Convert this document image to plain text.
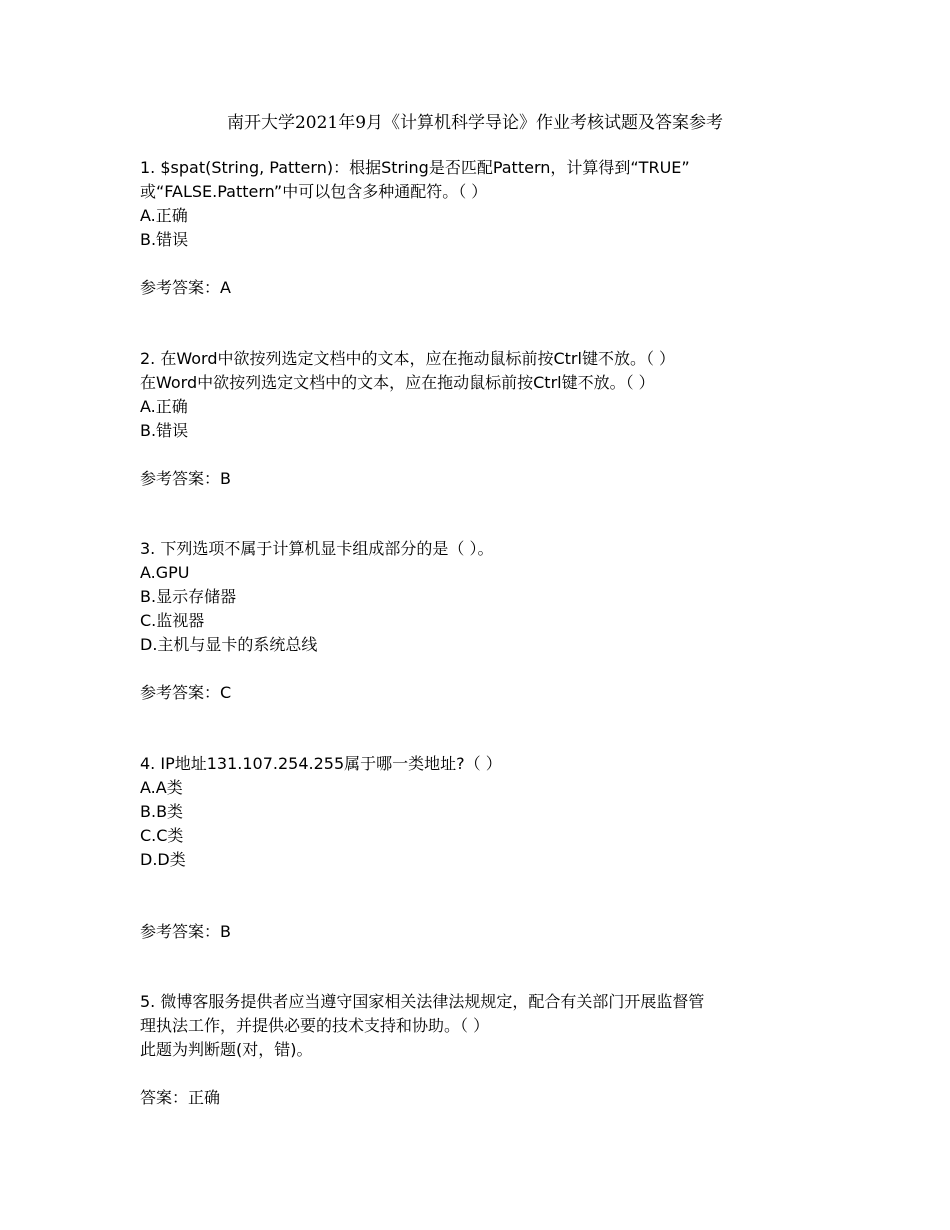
南开大学2021年9月《计算机科学导论》作业考核试题及答案参考
1. $spat(String, Pattern)：根据String是否匹配Pattern，计算得到“TRUE”
或“FALSE.Pattern”中可以包含多种通配符。（ ）
A.正确
B.错误
参考答案：A
2. 在Word中欲按列选定文档中的文本，应在拖动鼠标前按Ctrl键不放。（ ）
在Word中欲按列选定文档中的文本，应在拖动鼠标前按Ctrl键不放。（ ）
A.正确
B.错误
参考答案：B
3. 下列选项不属于计算机显卡组成部分的是（ ）。
A.GPU
B.显示存储器
C.监视器
D.主机与显卡的系统总线
参考答案：C
4. IP地址131.107.254.255属于哪一类地址?（ ）
A.A类
B.B类
C.C类
D.D类
参考答案：B
5. 微博客服务提供者应当遵守国家相关法律法规规定，配合有关部门开展监督管
理执法工作，并提供必要的技术支持和协助。（ ）
此题为判断题(对，错)。
答案：正确
